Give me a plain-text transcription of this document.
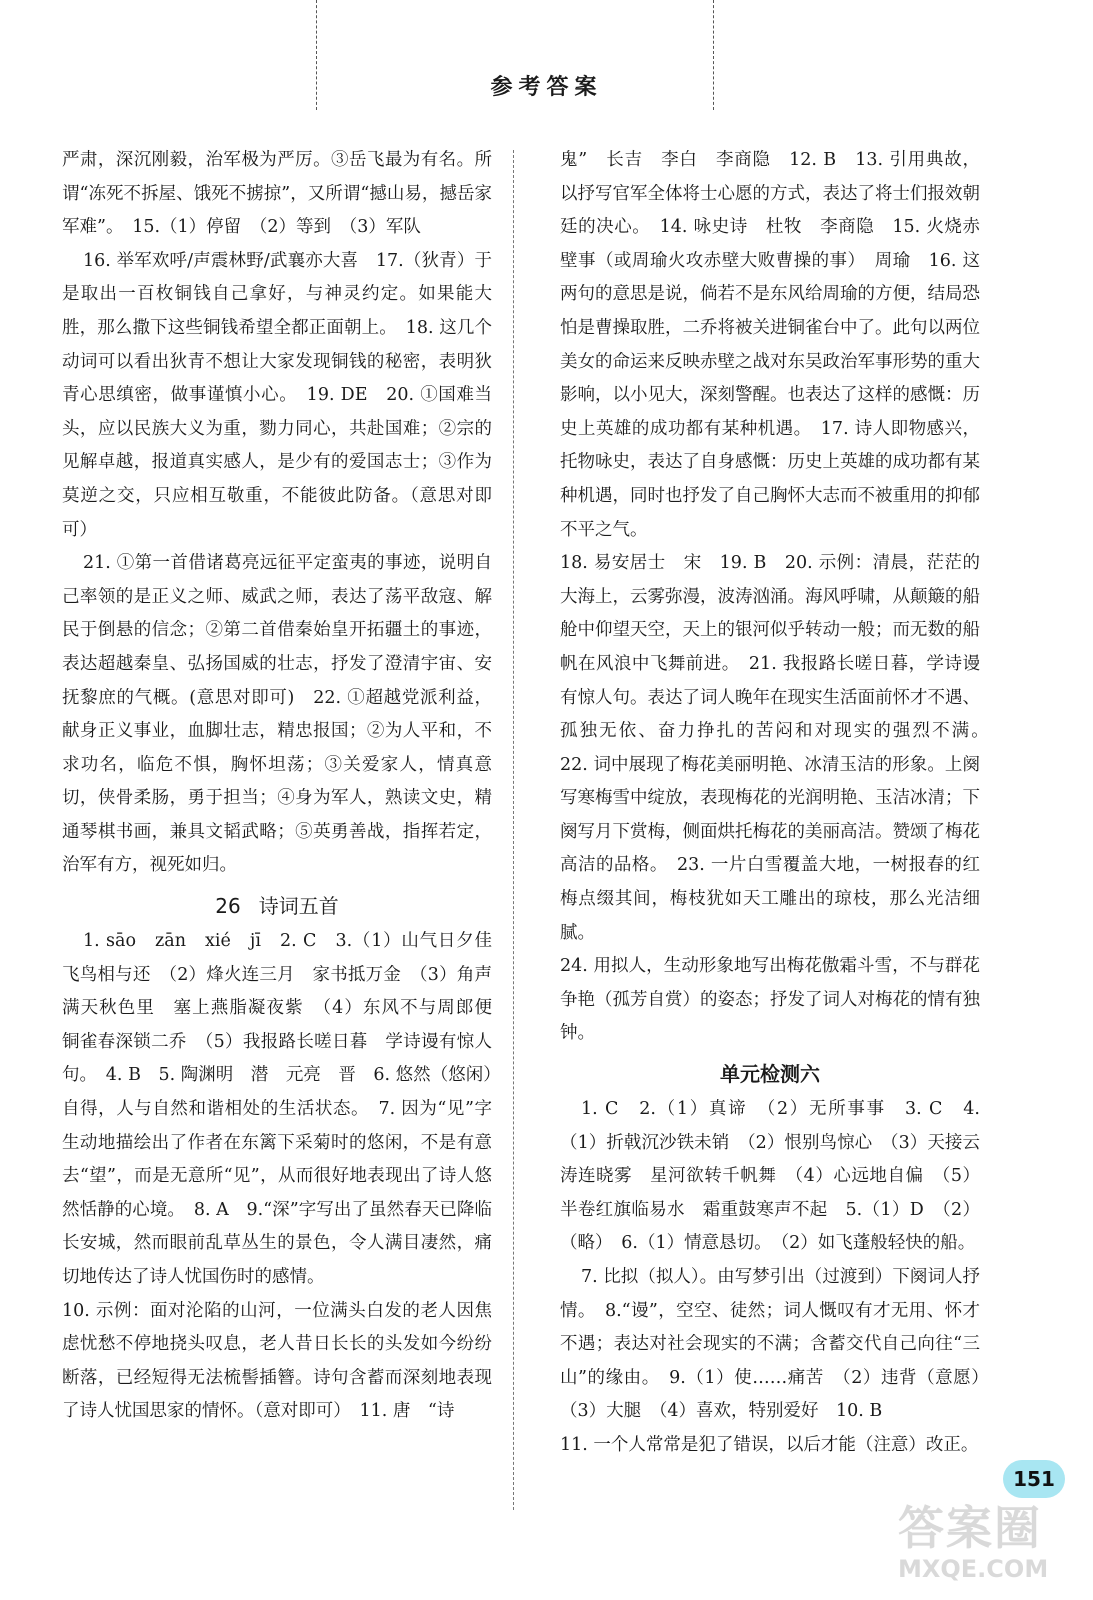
参考答案

严肃，深沉刚毅，治军极为严厉。③岳飞最为有名。所谓“冻死不拆屋、饿死不掳掠”，又所谓“撼山易，撼岳家军难”。　15.（1）停留　（2）等到　（3）军队

16. 举军欢呼/声震林野/武襄亦大喜　17.（狄青）于是取出一百枚铜钱自己拿好，与神灵约定。如果能大胜，那么撒下这些铜钱希望全都正面朝上。　18. 这几个动词可以看出狄青不想让大家发现铜钱的秘密，表明狄青心思缜密，做事谨慎小心。　19. DE　20. ①国难当头，应以民族大义为重，勠力同心，共赴国难；②宗的见解卓越，报道真实感人，是少有的爱国志士；③作为莫逆之交，只应相互敬重，不能彼此防备。（意思对即可）

21. ①第一首借诸葛亮远征平定蛮夷的事迹，说明自己率领的是正义之师、威武之师，表达了荡平敌寇、解民于倒悬的信念；②第二首借秦始皇开拓疆土的事迹，表达超越秦皇、弘扬国威的壮志，抒发了澄清宇宙、安抚黎庶的气概。(意思对即可)　22. ①超越党派利益，献身正义事业，血脚壮志，精忠报国；②为人平和，不求功名，临危不惧，胸怀坦荡；③关爱家人，情真意切，侠骨柔肠，勇于担当；④身为军人，熟读文史，精通琴棋书画，兼具文韬武略；⑤英勇善战，指挥若定，治军有方，视死如归。

26 诗词五首

1. sāo　zān　xié　jī　2. C　3.（1）山气日夕佳　飞鸟相与还　（2）烽火连三月　家书抵万金　（3）角声满天秋色里　塞上燕脂凝夜紫　（4）东风不与周郎便　铜雀春深锁二乔　（5）我报路长嗟日暮　学诗谩有惊人句。　4. B　5. 陶渊明　潜　元亮　晋　6. 悠然（悠闲）自得，人与自然和谐相处的生活状态。　7. 因为“见”字生动地描绘出了作者在东篱下采菊时的悠闲，不是有意去“望”，而是无意所“见”，从而很好地表现出了诗人悠然恬静的心境。　8. A　9.“深”字写出了虽然春天已降临长安城，然而眼前乱草丛生的景色，令人满目凄然，痛切地传达了诗人忧国伤时的感情。

10. 示例：面对沦陷的山河，一位满头白发的老人因焦虑忧愁不停地挠头叹息，老人昔日长长的头发如今纷纷断落，已经短得无法梳髻插簪。诗句含蓄而深刻地表现了诗人忧国思家的情怀。（意对即可）　11. 唐　“诗

鬼”　长吉　李白　李商隐　12. B　13. 引用典故，以抒写官军全体将士心愿的方式，表达了将士们报效朝廷的决心。　14. 咏史诗　杜牧　李商隐　15. 火烧赤壁事（或周瑜火攻赤壁大败曹操的事）　周瑜　16. 这两句的意思是说，倘若不是东风给周瑜的方便，结局恐怕是曹操取胜，二乔将被关进铜雀台中了。此句以两位美女的命运来反映赤壁之战对东吴政治军事形势的重大影响，以小见大，深刻警醒。也表达了这样的感慨：历史上英雄的成功都有某种机遇。　17. 诗人即物感兴，托物咏史，表达了自身感慨：历史上英雄的成功都有某种机遇，同时也抒发了自己胸怀大志而不被重用的抑郁不平之气。

18. 易安居士　宋　19. B　20. 示例：清晨，茫茫的大海上，云雾弥漫，波涛汹涌。海风呼啸，从颠簸的船舱中仰望天空，天上的银河似乎转动一般；而无数的船帆在风浪中飞舞前进。　21. 我报路长嗟日暮，学诗谩有惊人句。表达了词人晚年在现实生活面前怀才不遇、孤独无依、奋力挣扎的苦闷和对现实的强烈不满。　22. 词中展现了梅花美丽明艳、冰清玉洁的形象。上阕写寒梅雪中绽放，表现梅花的光润明艳、玉洁冰清；下阕写月下赏梅，侧面烘托梅花的美丽高洁。赞颂了梅花高洁的品格。　23. 一片白雪覆盖大地，一树报春的红梅点缀其间，梅枝犹如天工雕出的琼枝，那么光洁细腻。

24. 用拟人，生动形象地写出梅花傲霜斗雪，不与群花争艳（孤芳自赏）的姿态；抒发了词人对梅花的情有独钟。

单元检测六

1. C　2.（1）真谛　（2）无所事事　3. C　4.（1）折戟沉沙铁未销　（2）恨别鸟惊心　（3）天接云涛连晓雾　星河欲转千帆舞　（4）心远地自偏　（5）半卷红旗临易水　霜重鼓寒声不起　5.（1）D　（2）（略）　6.（1）情意恳切。　（2）如飞蓬般轻快的船。

7. 比拟（拟人）。由写梦引出（过渡到）下阕词人抒情。　8.“谩”，空空、徒然；词人慨叹有才无用、怀才不遇；表达对社会现实的不满；含蓄交代自己向往“三山”的缘由。　9.（1）使……痛苦　（2）违背（意愿）　（3）大腿　（4）喜欢，特别爱好　10. B

11. 一个人常常是犯了错误，以后才能（注意）改正。

151
答案圈
MXQE.COM
